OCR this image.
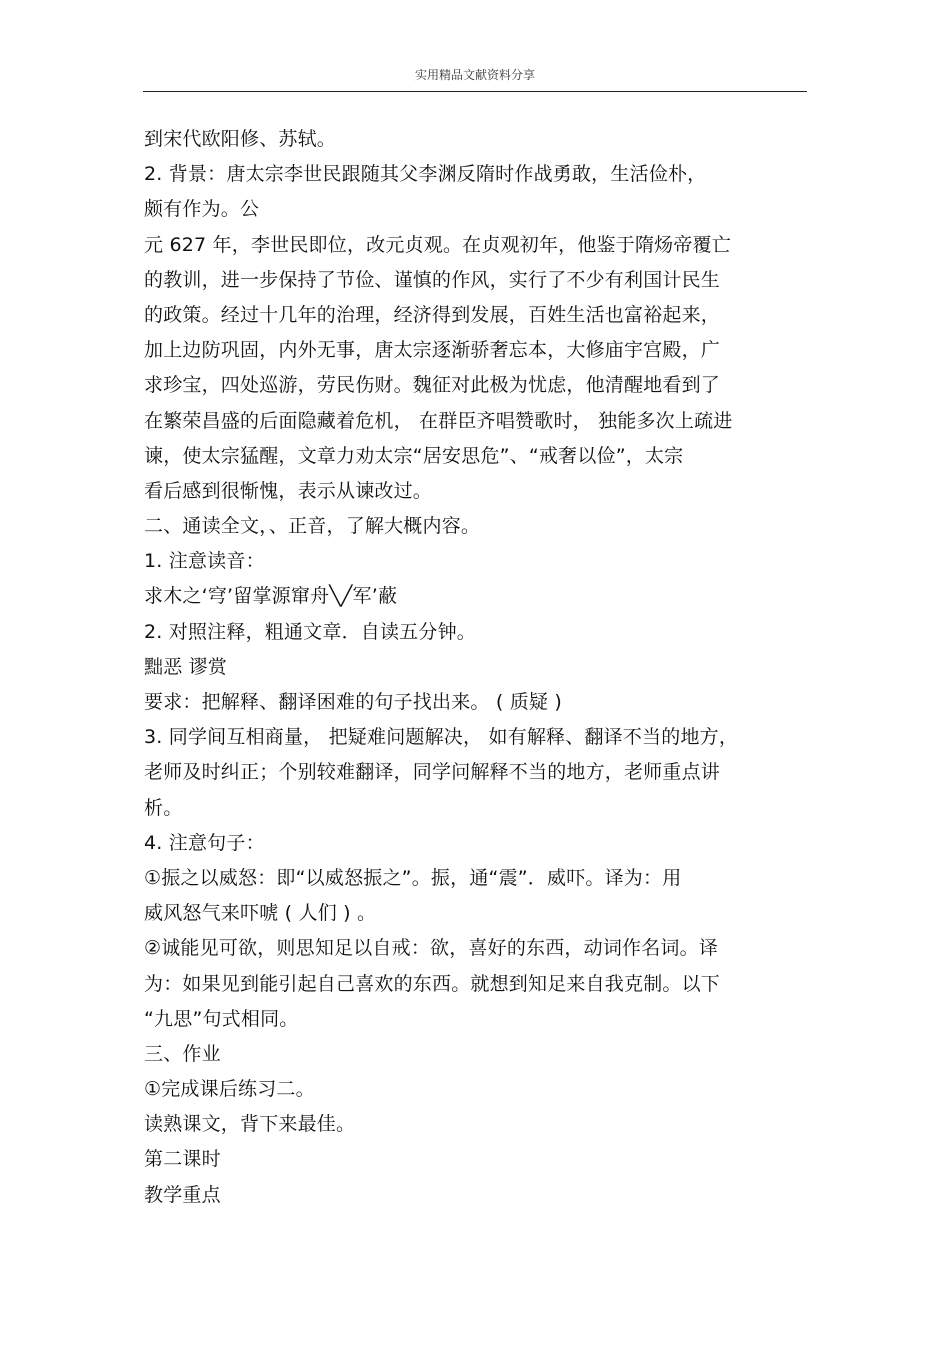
实用精品文献资料分享
到宋代欧阳修、苏轼。
2. 背景：唐太宗李世民跟随其父李渊反隋时作战勇敢，生活俭朴，
颇有作为。公
元 627 年，李世民即位，改元贞观。在贞观初年，他鉴于隋炀帝覆亡
的教训，进一步保持了节俭、谨慎的作风，实行了不少有利国计民生
的政策。经过十几年的治理，经济得到发展，百姓生活也富裕起来，
加上边防巩固，内外无事，唐太宗逐渐骄奢忘本，大修庙宇宫殿，广
求珍宝，四处巡游，劳民伤财。魏征对此极为忧虑，他清醒地看到了
在繁荣昌盛的后面隐藏着危机， 在群臣齐唱赞歌时， 独能多次上疏进
谏，使太宗猛醒，文章力劝太宗“居安思危”、“戒奢以俭”，太宗
看后感到很惭愧，表示从谏改过。
二、通读全文，、正音，了解大概内容。
1. 注意读音：
求木之‘穹’留掌源窜舟╲╱军’蔽
2. 对照注释，粗通文章．自读五分钟。
黜恶 谬赏
要求：把解释、翻译困难的句子找出来。 ( 质疑 )
3. 同学间互相商量， 把疑难问题解决， 如有解释、翻译不当的地方，
老师及时纠正；个别较难翻译，同学问解释不当的地方，老师重点讲
析。
4. 注意句子：
①振之以威怒：即“以威怒振之”。振，通“震”．威吓。译为：用
威风怒气来吓唬 ( 人们 ) 。
②诚能见可欲，则思知足以自戒：欲，喜好的东西，动词作名词。译
为：如果见到能引起自己喜欢的东西。就想到知足来自我克制。以下
“九思”句式相同。
三、作业
①完成课后练习二。
读熟课文，背下来最佳。
第二课时
教学重点
